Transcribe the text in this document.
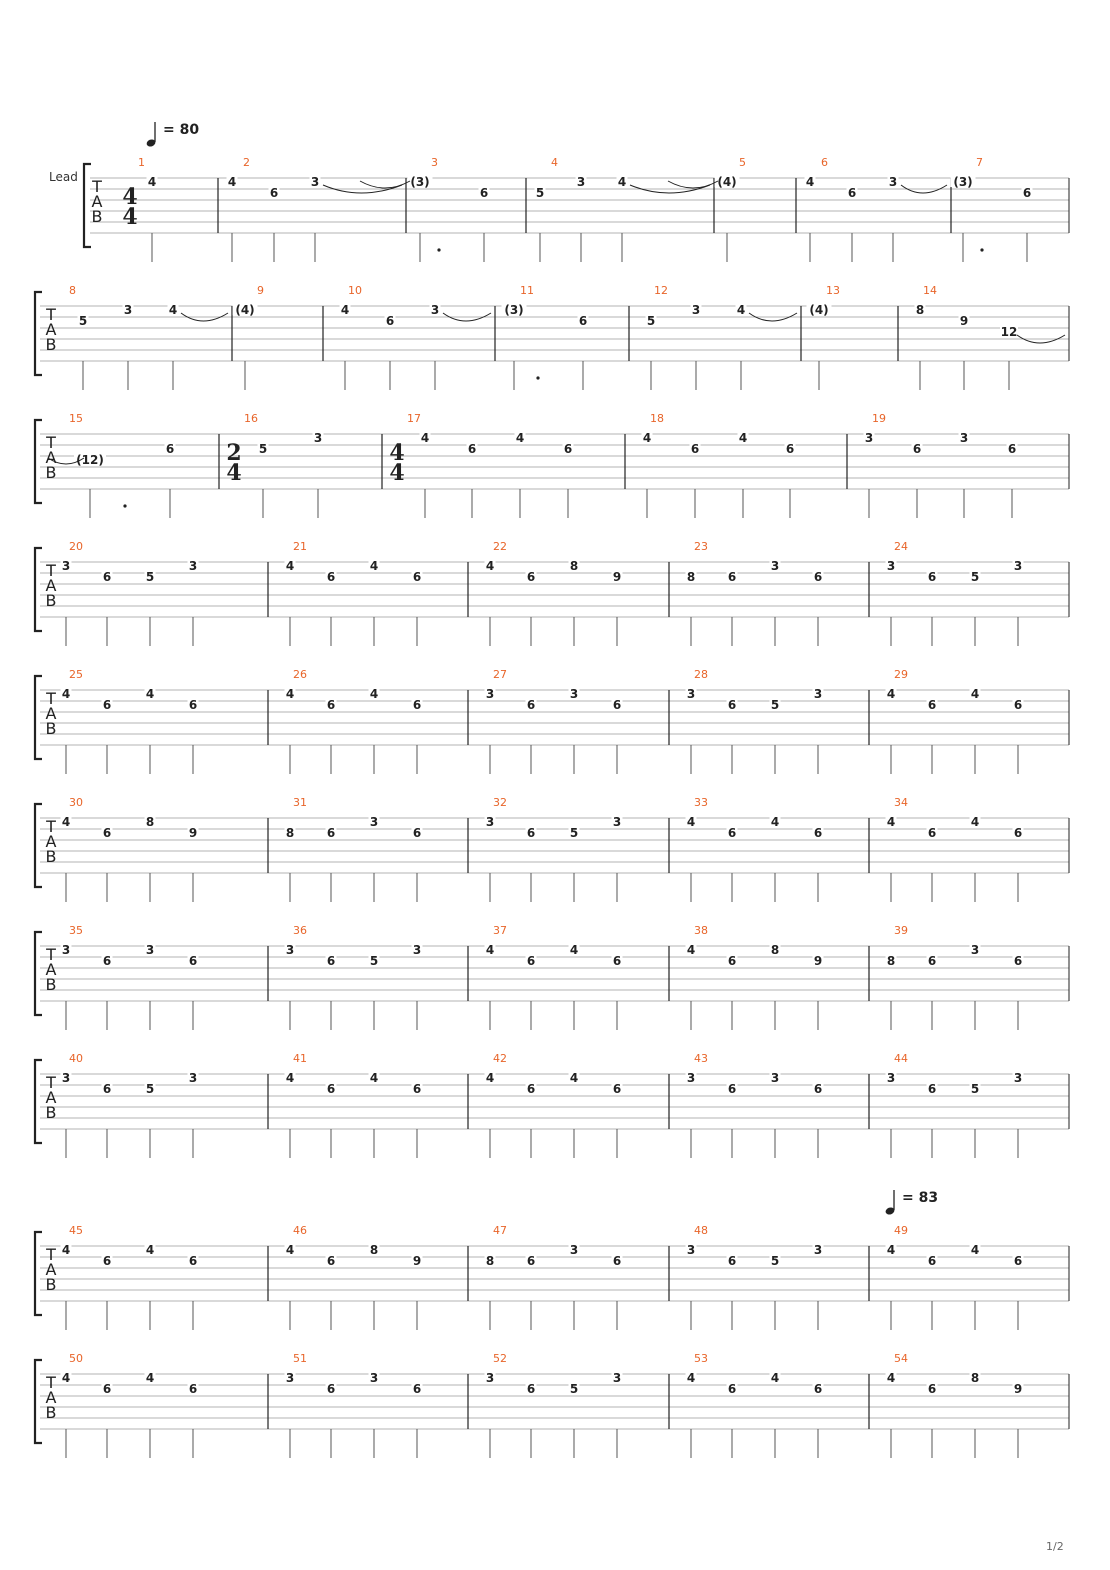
T
A
B
T
A
B
T
A
B
T
A
B
T
A
B
T
A
B
T
A
B
T
A
B
T
A
B
T
A
B
1
4
2
4
6
3
3
(3)
6
4
5
3	4
5
(4)
6
4
6
3
7
(3)
6
8
5
3	4
9
(4)
10
4
6
3
11
(3)
6
12
5
3	4
13
(4)
14
8
9
12
15
(12)
6
16
5
3
17
4
6
4
6
18
4
6
4
6
19
3
6
3
6
20
3
6	5
3
21
4
6
4
6
22
4
6
8
9
23
8	6
3
6
24
3
6	5
3
25
4
6
4
6
26
4
6
4
6
27
3
6
3
6
28
3
6	5
3
29
4
6
4
6
30
4
6
8
9
31
8	6
3
6
32
3
6	5
3
33
4
6
4
6
34
4
6
4
6
35
3
6
3
6
36
3
6	5
3
37
4
6
4
6
38
4
6
8
9
39
8	6
3
6
40
3
6	5
3
41
4
6
4
6
42
4
6
4
6
43
3
6
3
6
44
3
6	5
3
45
4
6
4
6
46
4
6
8
9
47
8	6
3
6
48
3
6	5
3
49
4
6
4
6
50
4
6
4
6
51
3
6
3
6
52
3
6	5
3
53
4
6
4
6
54
4
6
8
9
4
4
2
4
4
4
= 80
= 83
Lead
1/2
